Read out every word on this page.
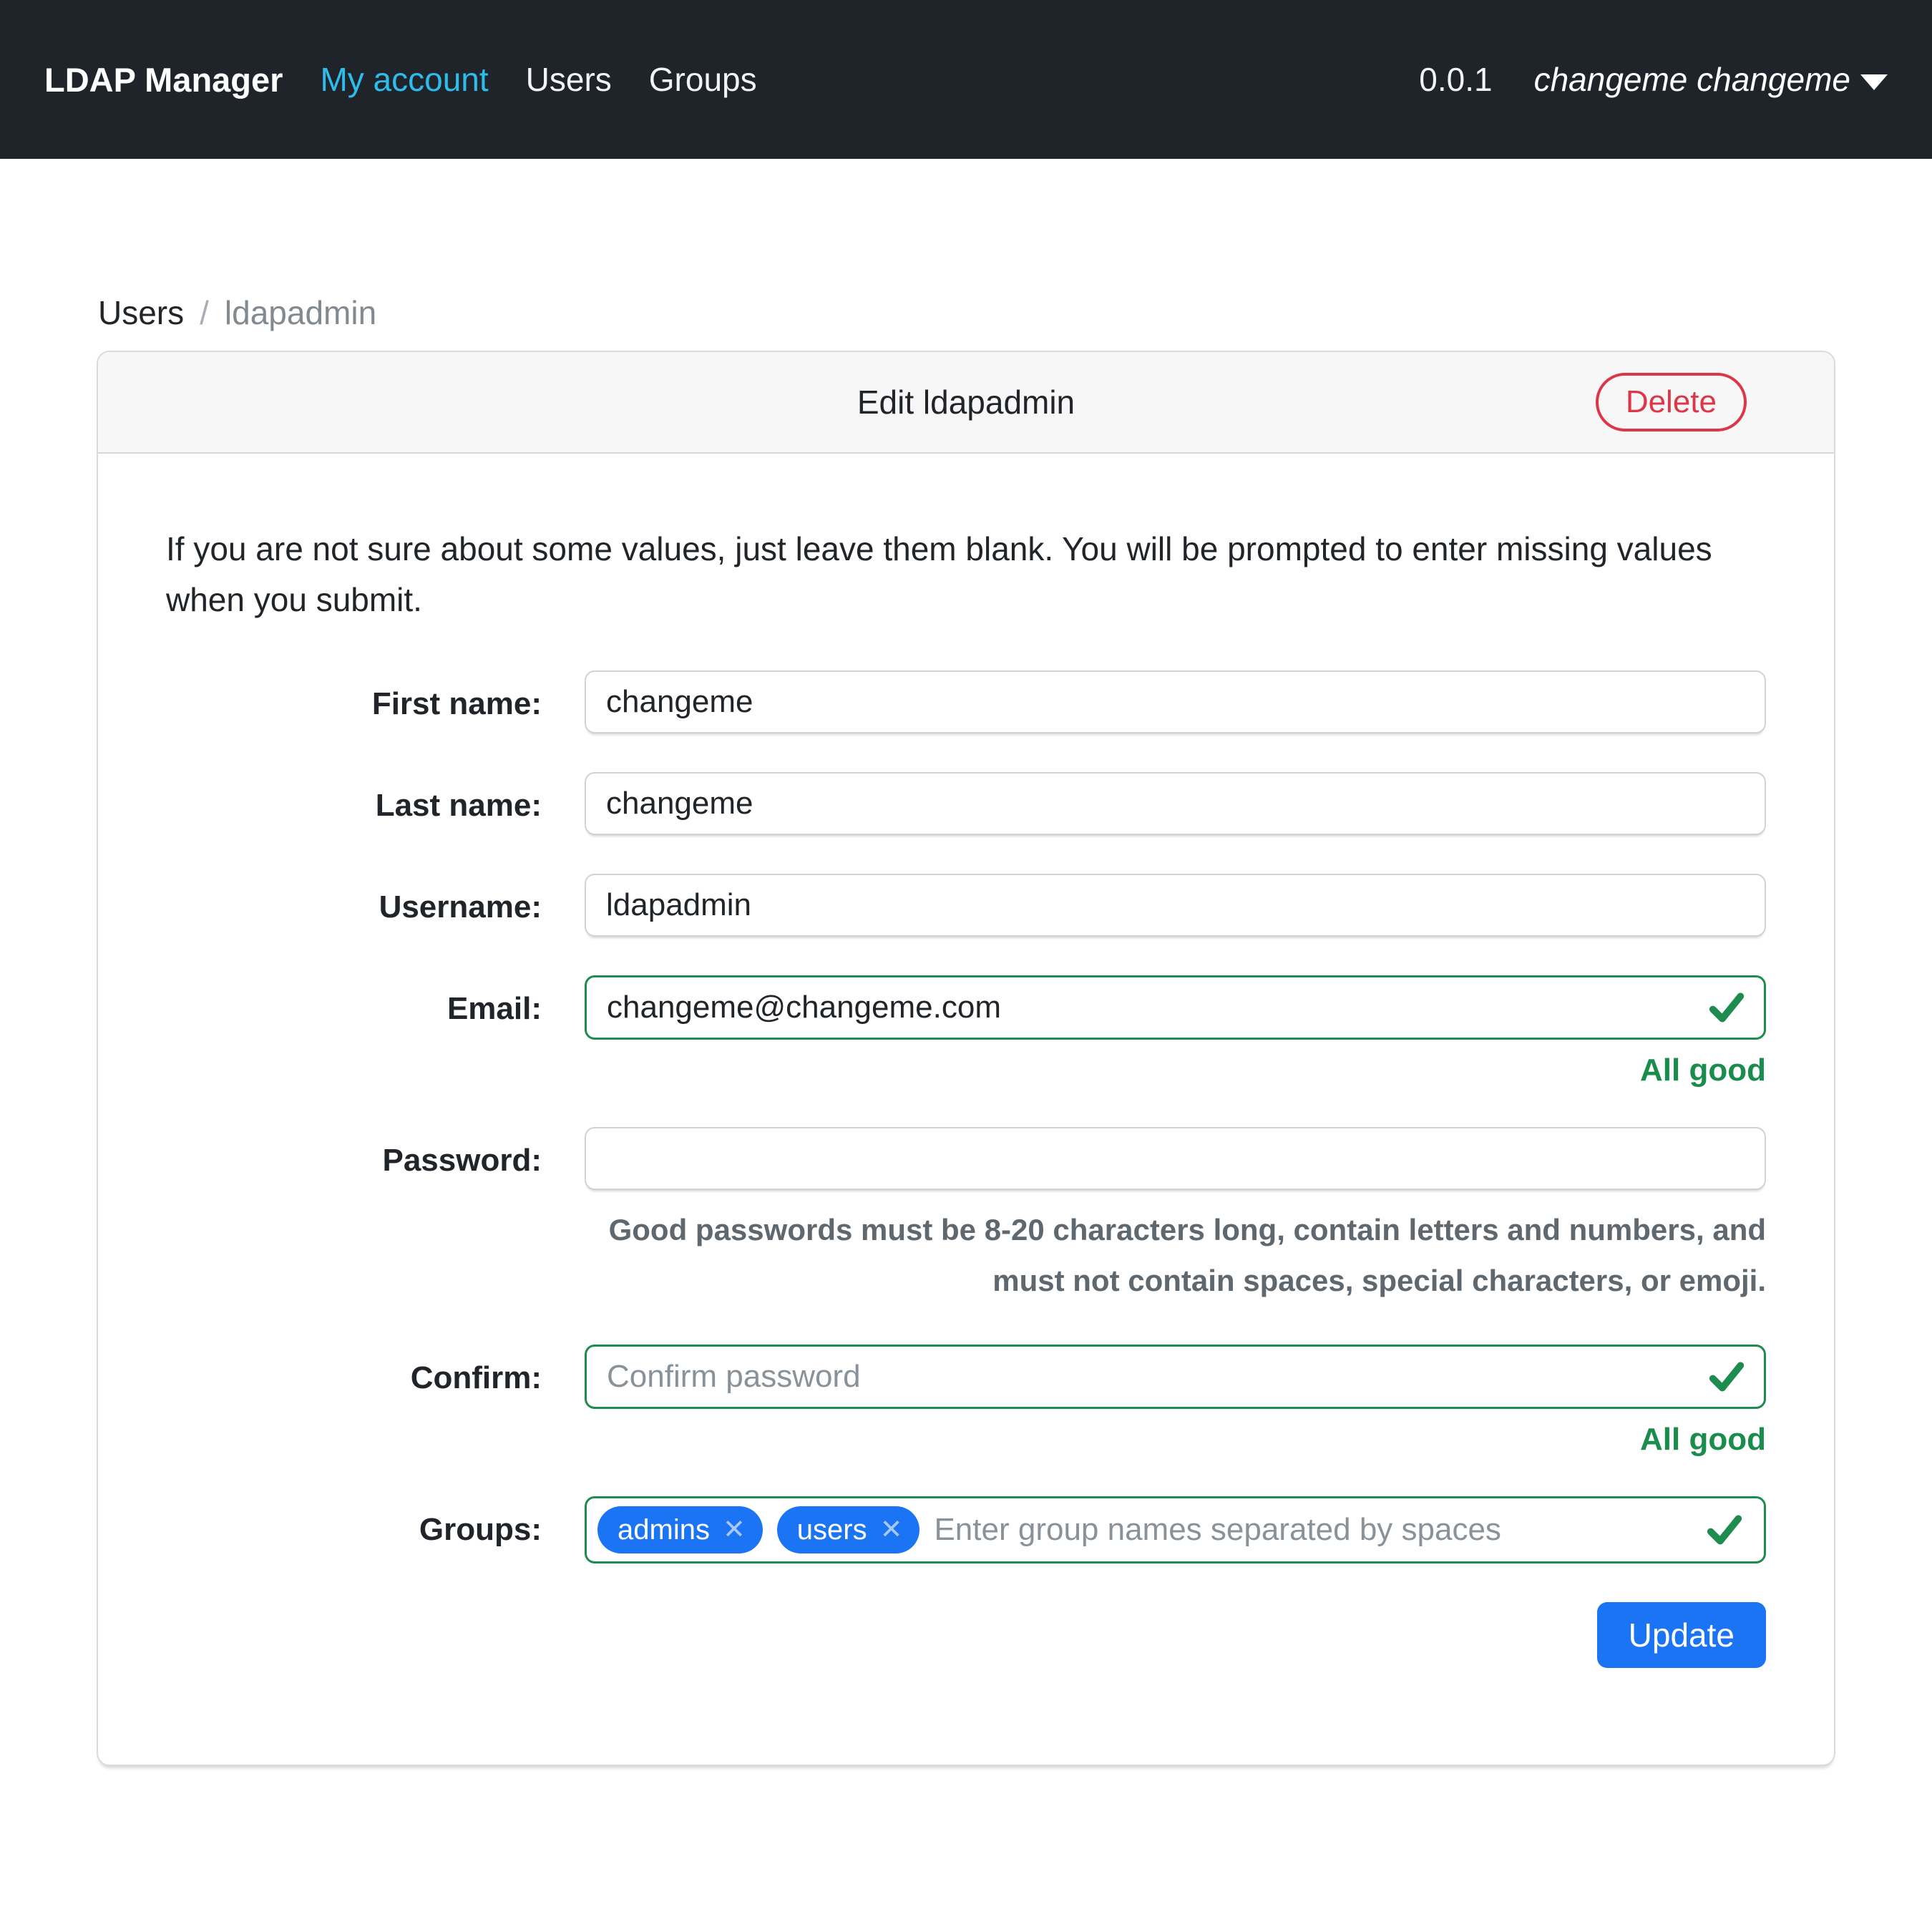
LDAP Manager My account Users Groups	0.0.1 changeme changeme
Users / ldapadmin
Edit ldapadmin	Delete

If you are not sure about some values, just leave them blank. You will be prompted to enter missing values when you submit.

First name:
changeme
Last name:
changeme
Username:
ldapadmin
Email:
changeme@changeme.com
All good
Password:
Good passwords must be 8-20 characters long, contain letters and numbers, and must not contain spaces, special characters, or emoji.
Confirm:
Confirm password
All good
Groups:	admins ✕ users ✕ Enter group names separated by spaces
Update
